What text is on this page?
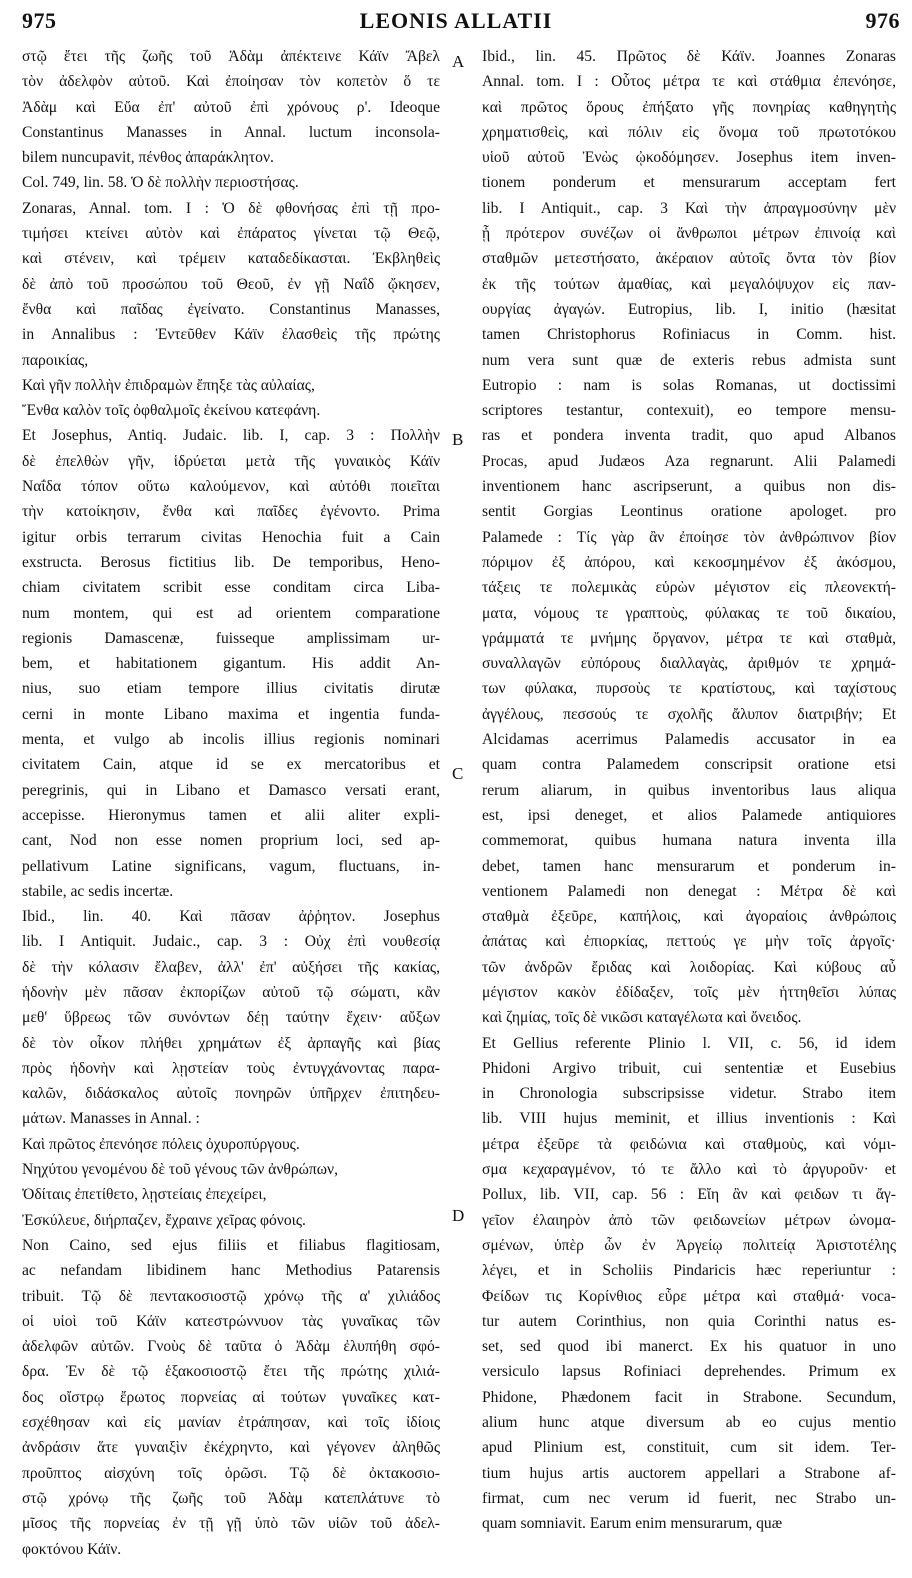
975	LEONIS ALLATII	976

στῷ ἔτει τῆς ζωῆς τοῦ Ἀδὰμ ἀπέκτεινε Κάϊν Ἄβελ

τὸν ἀδελφὸν αὐτοῦ. Καὶ ἐποίησαν τὸν κοπετὸν ὅ τε

Ἀδὰμ καὶ Εὔα ἐπ' αὐτοῦ ἐπὶ χρόνους ρ'. Ideoque

Constantinus Manasses in Annal. luctum inconsola-

bilem nuncupavit, πένθος ἀπαράκλητον.

Col. 749, lin. 58. Ὁ δὲ πολλὴν περιοστήσας.

Zonaras, Annal. tom. I : Ὁ δὲ φθονήσας ἐπὶ τῇ προ-

τιμήσει κτείνει αὐτὸν καὶ ἐπάρατος γίνεται τῷ Θεῷ,

καὶ στένειν, καὶ τρέμειν καταδεδίκασται. Ἐκβληθεὶς

δὲ ἀπὸ τοῦ προσώπου τοῦ Θεοῦ, ἐν γῇ Ναΐδ ᾤκησεν,

ἔνθα καὶ παῖδας ἐγείνατο. Constantinus Manasses,

in Annalibus : Ἐντεῦθεν Κάϊν ἐλασθεὶς τῆς πρώτης

παροικίας,

Καὶ γῆν πολλὴν ἐπιδραμὼν ἔπηξε τὰς αὐλαίας,

Ἔνθα καλὸν τοῖς ὀφθαλμοῖς ἐκείνου κατεφάνη.

Et Josephus, Antiq. Judaic. lib. I, cap. 3 : Πολλὴν

δὲ ἐπελθὼν γῆν, ἱδρύεται μετὰ τῆς γυναικὸς Κάϊν

Ναΐδα τόπον οὕτω καλούμενον, καὶ αὐτόθι ποιεῖται

τὴν κατοίκησιν, ἔνθα καὶ παῖδες ἐγένοντο. Prima

igitur orbis terrarum civitas Henochia fuit a Cain

exstructa. Berosus fictitius lib. De temporibus, Heno-

chiam civitatem scribit esse conditam circa Liba-

num montem, qui est ad orientem comparatione

regionis Damascenæ, fuisseque amplissimam ur-

bem, et habitationem gigantum. His addit An-

nius, suo etiam tempore illius civitatis dirutæ

cerni in monte Libano maxima et ingentia funda-

menta, et vulgo ab incolis illius regionis nominari

civitatem Cain, atque id se ex mercatoribus et

peregrinis, qui in Libano et Damasco versati erant,

accepisse. Hieronymus tamen et alii aliter expli-

cant, Nod non esse nomen proprium loci, sed ap-

pellativum Latine significans, vagum, fluctuans, in-

stabile, ac sedis incertæ.

Ibid., lin. 40. Καὶ πᾶσαν ἀῤῥητον. Josephus

lib. I Antiquit. Judaic., cap. 3 : Οὐχ ἐπὶ νουθεσίᾳ

δὲ τὴν κόλασιν ἔλαβεν, ἀλλ' ἐπ' αὐξήσει τῆς κακίας,

ἡδονὴν μὲν πᾶσαν ἐκπορίζων αὐτοῦ τῷ σώματι, κἂν

μεθ' ὕβρεως τῶν συνόντων δέῃ ταύτην ἔχειν· αὔξων

δὲ τὸν οἶκον πλήθει χρημάτων ἐξ ἁρπαγῆς καὶ βίας

πρὸς ἡδονὴν καὶ λῃστείαν τοὺς ἐντυγχάνοντας παρα-

καλῶν, διδάσκαλος αὐτοῖς πονηρῶν ὑπῆρχεν ἐπιτηδευ-

μάτων. Manasses in Annal. :

Καὶ πρῶτος ἐπενόησε πόλεις ὀχυροπύργους.

Νηχύτου γενομένου δὲ τοῦ γένους τῶν ἀνθρώπων,

Ὀδίταις ἐπετίθετο, λῃστείαις ἐπεχείρει,

Ἐσκύλευε, διήρπαζεν, ἔχραινε χεῖρας φόνοις.

Non Caino, sed ejus filiis et filiabus flagitiosam,

ac nefandam libidinem hanc Methodius Patarensis

tribuit. Τῷ δὲ πεντακοσιοστῷ χρόνῳ τῆς α' χιλιάδος

οἱ υἱοὶ τοῦ Κάϊν κατεστρώννυον τὰς γυναῖκας τῶν

ἀδελφῶν αὐτῶν. Γνοὺς δὲ ταῦτα ὁ Ἀδὰμ ἐλυπήθη σφό-

δρα. Ἐν δὲ τῷ ἑξακοσιοστῷ ἔτει τῆς πρώτης χιλιά-

δος οἴστρῳ ἔρωτος πορνείας αἱ τούτων γυναῖκες κατ-

εσχέθησαν καὶ εἰς μανίαν ἐτράπησαν, καὶ τοῖς ἰδίοις

ἀνδράσιν ἅτε γυναιξὶν ἐκέχρηντο, καὶ γέγονεν ἀληθῶς

προῦπτος αἰσχύνη τοῖς ὁρῶσι. Τῷ δὲ ὀκτακοσιο-

στῷ χρόνῳ τῆς ζωῆς τοῦ Ἀδὰμ κατεπλάτυνε τὸ

μῖσος τῆς πορνείας ἐν τῇ γῇ ὑπὸ τῶν υἱῶν τοῦ ἀδελ-

φοκτόνου Κάϊν.

Ibid., lin. 45. Πρῶτος δὲ Κάϊν. Joannes Zonaras

Annal. tom. I : Οὗτος μέτρα τε καὶ στάθμια ἐπενόησε,

καὶ πρῶτος ὅρους ἐπήξατο γῆς πονηρίας καθηγητὴς

χρηματισθεὶς, καὶ πόλιν εἰς ὄνομα τοῦ πρωτοτόκου

υἱοῦ αὐτοῦ Ἐνὼς ᾠκοδόμησεν. Josephus item inven-

tionem ponderum et mensurarum acceptam fert

lib. I Antiquit., cap. 3 Καὶ τὴν ἀπραγμοσύνην μὲν

ᾗ πρότερον συνέζων οἱ ἄνθρωποι μέτρων ἐπινοίᾳ καὶ

σταθμῶν μετεστήσατο, ἀκέραιον αὐτοῖς ὄντα τὸν βίον

ἐκ τῆς τούτων ἀμαθίας, καὶ μεγαλόψυχον εἰς παν-

ουργίας ἀγαγών. Eutropius, lib. I, initio (hæsitat

tamen Christophorus Rofiniacus in Comm. hist.

num vera sunt quæ de exteris rebus admista sunt

Eutropio : nam is solas Romanas, ut doctissimi

scriptores testantur, contexuit), eo tempore mensu-

ras et pondera inventa tradit, quo apud Albanos

Procas, apud Judæos Aza regnarunt. Alii Palamedi

inventionem hanc ascripserunt, a quibus non dis-

sentit Gorgias Leontinus oratione apologet. pro

Palamede : Τίς γὰρ ἂν ἐποίησε τὸν ἀνθρώπινον βίον

πόριμον ἐξ ἀπόρου, καὶ κεκοσμημένον ἐξ ἀκόσμου,

τάξεις τε πολεμικὰς εὑρὼν μέγιστον εἰς πλεονεκτή-

ματα, νόμους τε γραπτοὺς, φύλακας τε τοῦ δικαίου,

γράμματά τε μνήμης ὄργανον, μέτρα τε καὶ σταθμὰ,

συναλλαγῶν εὐπόρους διαλλαγὰς, ἀριθμόν τε χρημά-

των φύλακα, πυρσοὺς τε κρατίστους, καὶ ταχίστους

ἀγγέλους, πεσσούς τε σχολῆς ἄλυπον διατριβήν; Et

Alcidamas acerrimus Palamedis accusator in ea

quam contra Palamedem conscripsit oratione etsi

rerum aliarum, in quibus inventoribus laus aliqua

est, ipsi deneget, et alios Palamede antiquiores

commemorat, quibus humana natura inventa illa

debet, tamen hanc mensurarum et ponderum in-

ventionem Palamedi non denegat : Μέτρα δὲ καὶ

σταθμὰ ἐξεῦρε, καπήλοις, καὶ ἀγοραίοις ἀνθρώποις

ἀπάτας καὶ ἐπιορκίας, πεττούς γε μὴν τοῖς ἀργοῖς·

τῶν ἀνδρῶν ἔριδας καὶ λοιδορίας. Καὶ κύβους αὖ

μέγιστον κακὸν ἐδίδαξεν, τοῖς μὲν ἡττηθεῖσι λύπας

καὶ ζημίας, τοῖς δὲ νικῶσι καταγέλωτα καὶ ὄνειδος.

Et Gellius referente Plinio l. VII, c. 56, id idem

Phidoni Argivo tribuit, cui sententiæ et Eusebius

in Chronologia subscripsisse videtur. Strabo item

lib. VIII hujus meminit, et illius inventionis : Καὶ

μέτρα ἐξεῦρε τὰ φειδώνια καὶ σταθμοὺς, καὶ νόμι-

σμα κεχαραγμένον, τό τε ἄλλο καὶ τὸ ἀργυροῦν· et

Pollux, lib. VII, cap. 56 : Εἴη ἂν καὶ φειδων τι ἄγ-

γεῖον ἐλαιηρὸν ἀπὸ τῶν φειδωνείων μέτρων ὠνομα-

σμένων, ὑπὲρ ὧν ἐν Ἀργείῳ πολιτείᾳ Ἀριστοτέλης

λέγει, et in Scholiis Pindaricis hæc reperiuntur :

Φείδων τις Κορίνθιος εὗρε μέτρα καὶ σταθμά· voca-

tur autem Corinthius, non quia Corinthi natus es-

set, sed quod ibi manerct. Ex his quatuor in uno

versiculo lapsus Rofiniaci deprehendes. Primum ex

Phidone, Phædonem facit in Strabone. Secundum,

alium hunc atque diversum ab eo cujus mentio

apud Plinium est, constituit, cum sit idem. Ter-

tium hujus artis auctorem appellari a Strabone af-

firmat, cum nec verum id fuerit, nec Strabo un-

quam somniavit. Earum enim mensurarum, quæ

A
B
C
D
